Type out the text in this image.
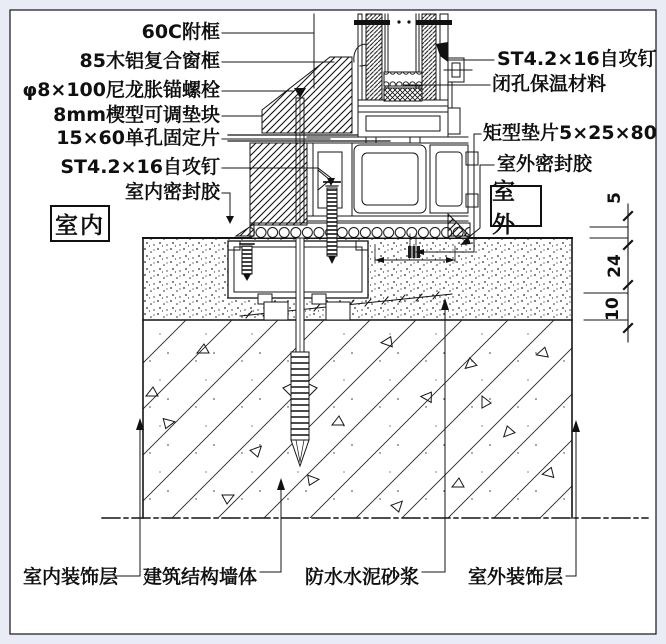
60C附框
85木铝复合窗框
φ8×100尼龙胀锚螺栓
8mm楔型可调垫块
15×60单孔固定片
ST4.2×16自攻钉
室内密封胶
ST4.2×16自攻钉
闭孔保温材料
矩型垫片5×25×80
室外密封胶
室内
室外
室内装饰层 建筑结构墙体	防水水泥砂浆	室外装饰层
5
24
10
